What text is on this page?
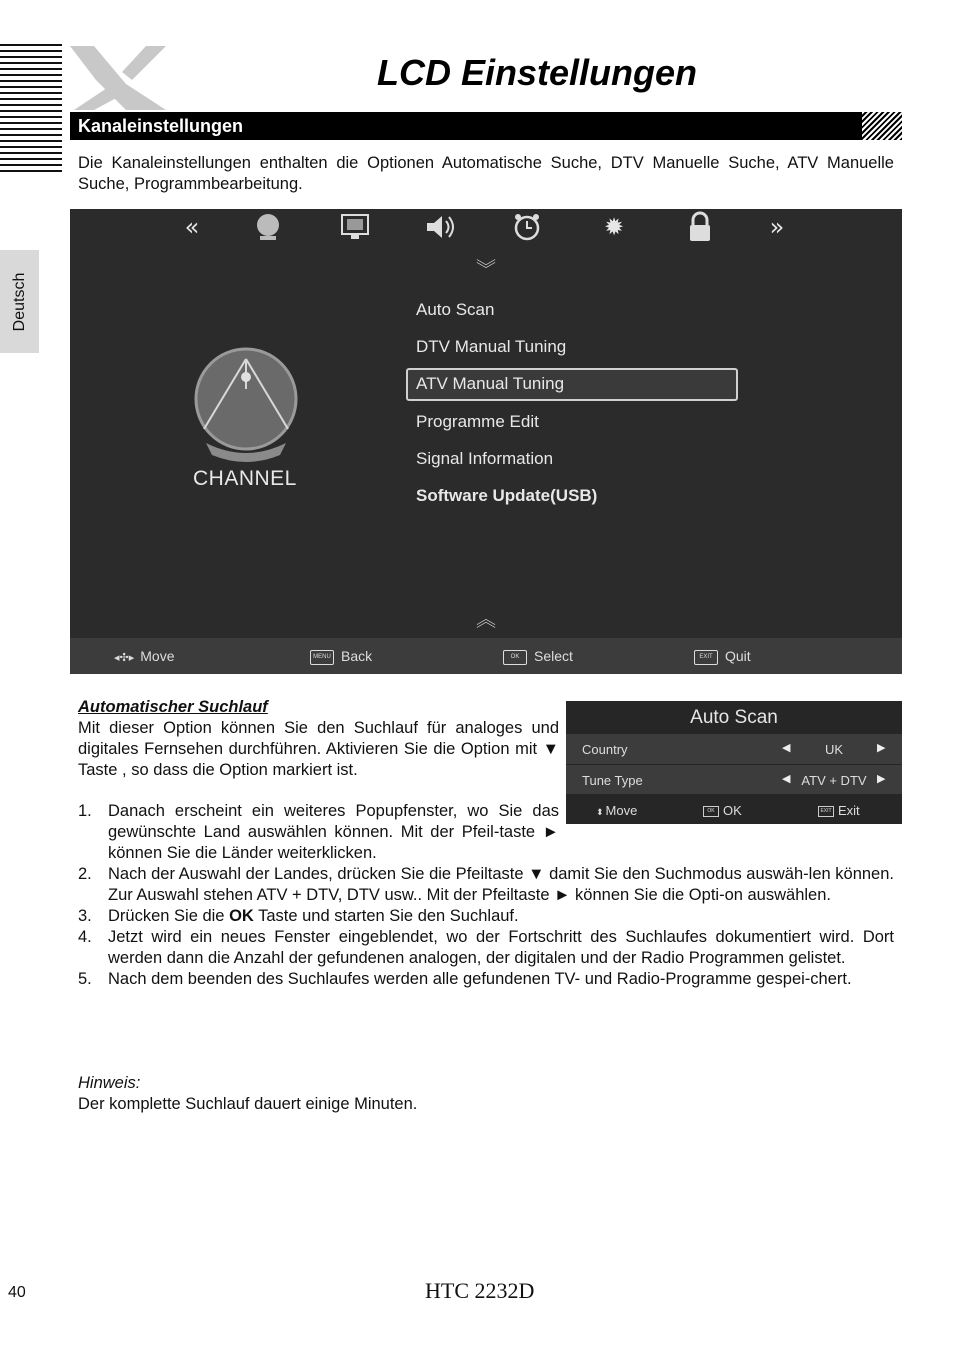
LCD Einstellungen
Deutsch
Kanaleinstellungen
Die Kanaleinstellungen enthalten die Optionen Automatische Suche, DTV Manuelle Suche, ATV Manuelle Suche, Programmbearbeitung.
«	✹	»
︾
CHANNEL
Auto Scan
DTV Manual Tuning
ATV Manual Tuning
Programme Edit
Signal Information
Software Update(USB)
︽
◂✣▸ Move	MENU Back	OK Select	EXIT Quit
Auto Scan
Country	◀	UK	▶
Tune Type	◀ ATV + DTV ▶
⬍ Move	OK OK	EXIT Exit
Automatischer Suchlauf
Mit dieser Option können Sie den Suchlauf für analoges und digitales Fernsehen durchführen. Aktivieren Sie die Option mit ▼ Taste , so dass die Option markiert ist.
1. Danach erscheint ein weiteres Popupfenster, wo Sie das gewünschte Land auswählen können. Mit der Pfeil-taste ► können Sie die Länder weiterklicken.
2. Nach der Auswahl der Landes, drücken Sie die Pfeiltaste ▼ damit Sie den Suchmodus auswäh-len können. Zur Auswahl stehen ATV + DTV, DTV usw.. Mit der Pfeiltaste ► können Sie die Opti-on auswählen.
3. Drücken Sie die OK Taste und starten Sie den Suchlauf.
4. Jetzt wird ein neues Fenster eingeblendet, wo der Fortschritt des Suchlaufes dokumentiert wird. Dort werden dann die Anzahl der gefundenen analogen, der digitalen und der Radio Programmen gelistet.
5. Nach dem beenden des Suchlaufes werden alle gefundenen TV- und Radio-Programme gespei-chert.
Hinweis:
Der komplette Suchlauf dauert einige Minuten.
40	HTC 2232D
